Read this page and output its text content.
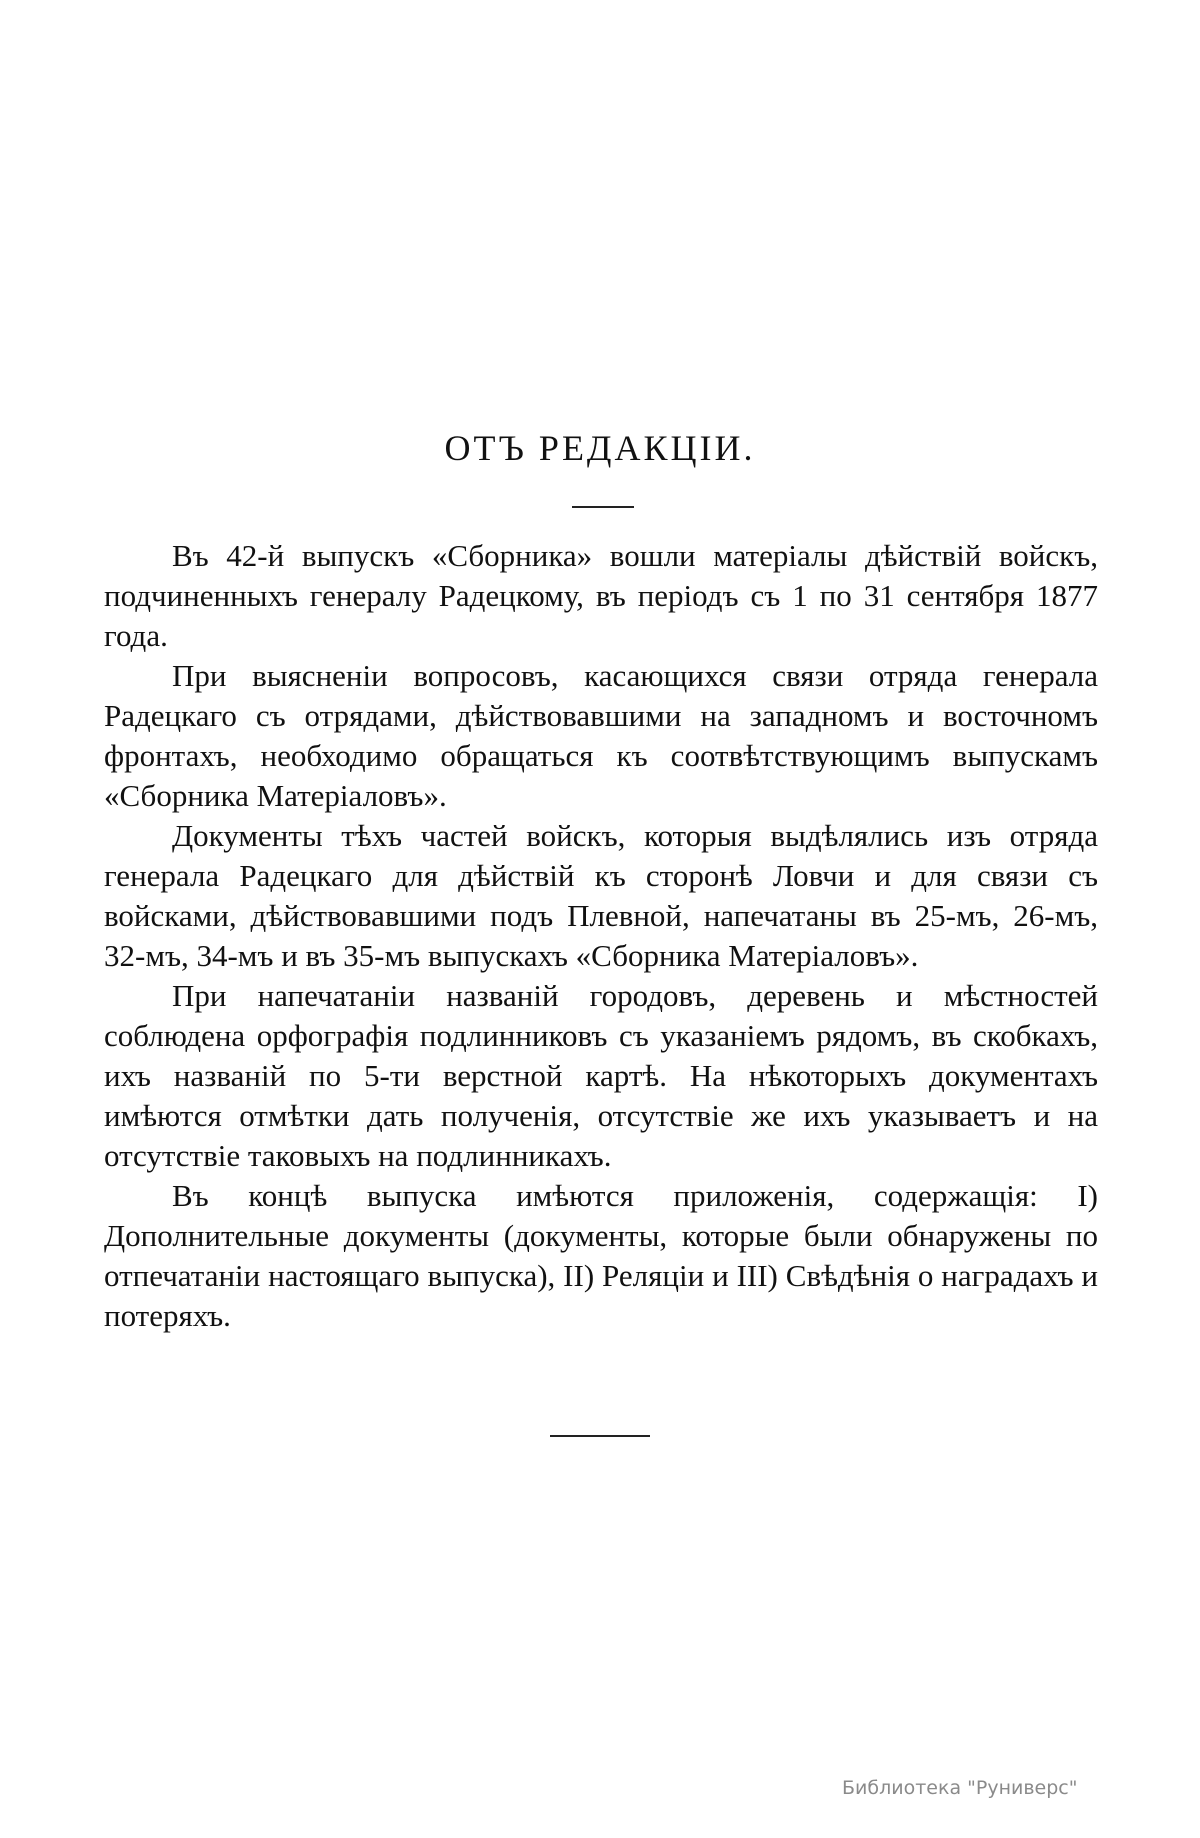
ОТЪ РЕДАКЦІИ.

Въ 42-й выпускъ «Сборника» вошли матеріалы дѣйствій войскъ, подчиненныхъ генералу Радецкому, въ періодъ съ 1 по 31 сентября 1877 года.

При выясненіи вопросовъ, касающихся связи отряда генерала Радецкаго съ отрядами, дѣйствовавшими на западномъ и восточномъ фронтахъ, необходимо обращаться къ соотвѣтствующимъ выпускамъ «Сборника Матеріаловъ».

Документы тѣхъ частей войскъ, которыя выдѣлялись изъ отряда генерала Радецкаго для дѣйствій къ сторонѣ Ловчи и для связи съ войсками, дѣйствовавшими подъ Плевной, напечатаны въ 25-мъ, 26-мъ, 32-мъ, 34-мъ и въ 35-мъ выпускахъ «Сборника Матеріаловъ».

При напечатаніи названій городовъ, деревень и мѣстностей соблюдена орфографія подлинниковъ съ указаніемъ рядомъ, въ скобкахъ, ихъ названій по 5-ти верстной картѣ. На нѣкоторыхъ документахъ имѣются отмѣтки дать полученія, отсутствіе же ихъ указываетъ и на отсутствіе таковыхъ на подлинникахъ.

Въ концѣ выпуска имѣются приложенія, содержащія: I) Дополнительные документы (документы, которые были обнаружены по отпечатаніи настоящаго выпуска), II) Реляціи и III) Свѣдѣнія о наградахъ и потеряхъ.

Библиотека "Руниверс"
